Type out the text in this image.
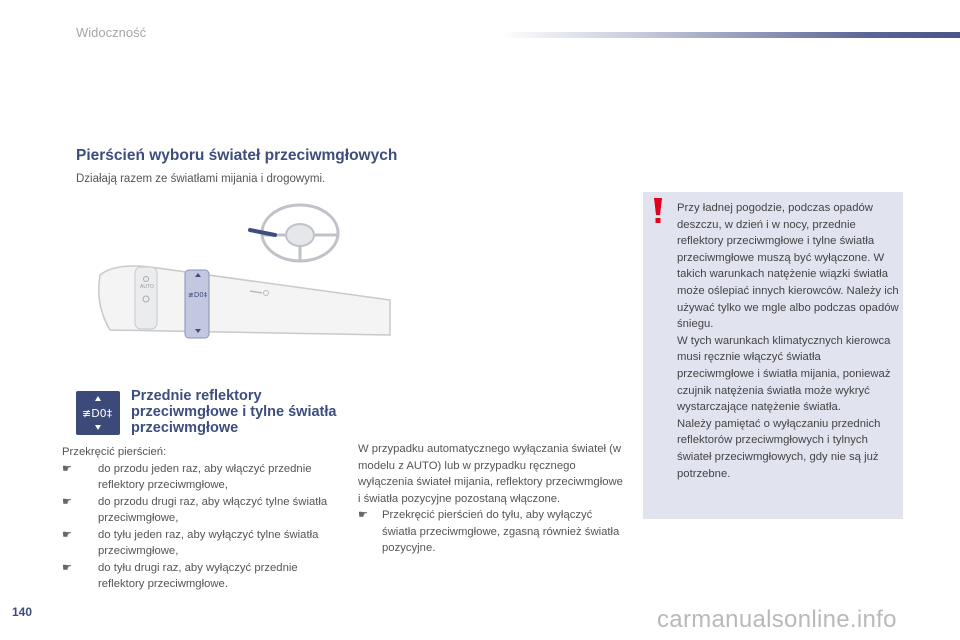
Widoczność
Pierścień wyboru świateł przeciwmgłowych
Działają razem ze światłami mijania i drogowymi.
AUTO
≢D0‡
≢D0‡
Przednie reflektory przeciwmgłowe i tylne światła przeciwmgłowe
Przekręcić pierścień:
☛ do przodu jeden raz, aby włączyć przednie reflektory przeciwmgłowe,
☛ do przodu drugi raz, aby włączyć tylne światła przeciwmgłowe,
☛ do tyłu jeden raz, aby wyłączyć tylne światła przeciwmgłowe,
☛ do tyłu drugi raz, aby wyłączyć przednie reflektory przeciwmgłowe.
W przypadku automatycznego wyłączania świateł (w modelu z AUTO) lub w przypadku ręcznego wyłączenia świateł mijania, reflektory przeciwmgłowe i światła pozycyjne pozostaną włączone.
☛ Przekręcić pierścień do tyłu, aby wyłączyć światła przeciwmgłowe, zgasną również światła pozycyjne.
Przy ładnej pogodzie, podczas opadów deszczu, w dzień i w nocy, przednie reflektory przeciwmgłowe i tylne światła przeciwmgłowe muszą być wyłączone. W takich warunkach natężenie wiązki światła może oślepiać innych kierowców. Należy ich używać tylko we mgle albo podczas opadów śniegu.
W tych warunkach klimatycznych kierowca musi ręcznie włączyć światła przeciwmgłowe i światła mijania, ponieważ czujnik natężenia światła może wykryć wystarczające natężenie światła.
Należy pamiętać o wyłączaniu przednich reflektorów przeciwmgłowych i tylnych świateł przeciwmgłowych, gdy nie są już potrzebne.
140	carmanualsonline.info
